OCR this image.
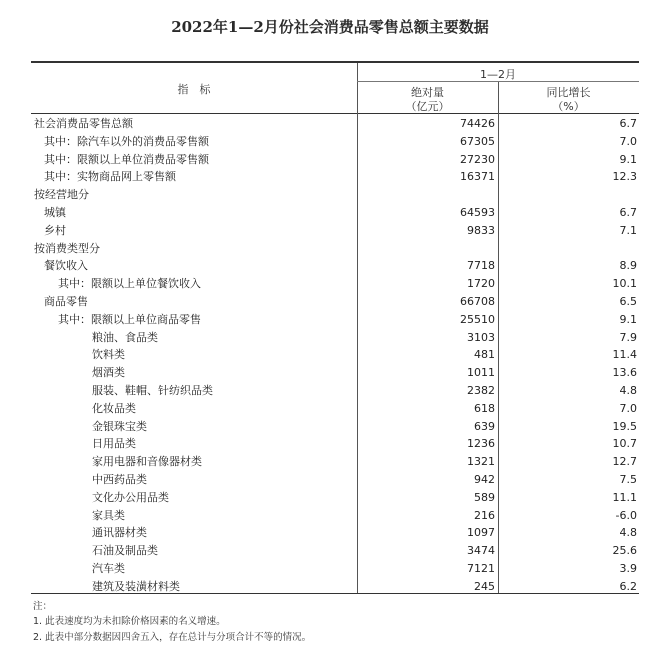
2022年1—2月份社会消费品零售总额主要数据
指　标
1—2月
绝对量
（亿元）
同比增长
（%）
社会消费品零售总额	74426	6.7
其中：除汽车以外的消费品零售额	67305	7.0
其中：限额以上单位消费品零售额	27230	9.1
其中：实物商品网上零售额	16371	12.3
按经营地分
城镇	64593	6.7
乡村	9833	7.1
按消费类型分
餐饮收入	7718	8.9
其中：限额以上单位餐饮收入	1720	10.1
商品零售	66708	6.5
其中：限额以上单位商品零售	25510	9.1
粮油、食品类	3103	7.9
饮料类	481	11.4
烟酒类	1011	13.6
服装、鞋帽、针纺织品类	2382	4.8
化妆品类	618	7.0
金银珠宝类	639	19.5
日用品类	1236	10.7
家用电器和音像器材类	1321	12.7
中西药品类	942	7.5
文化办公用品类	589	11.1
家具类	216	-6.0
通讯器材类	1097	4.8
石油及制品类	3474	25.6
汽车类	7121	3.9
建筑及装潢材料类	245	6.2
注：
1. 此表速度均为未扣除价格因素的名义增速。
2. 此表中部分数据因四舍五入，存在总计与分项合计不等的情况。
